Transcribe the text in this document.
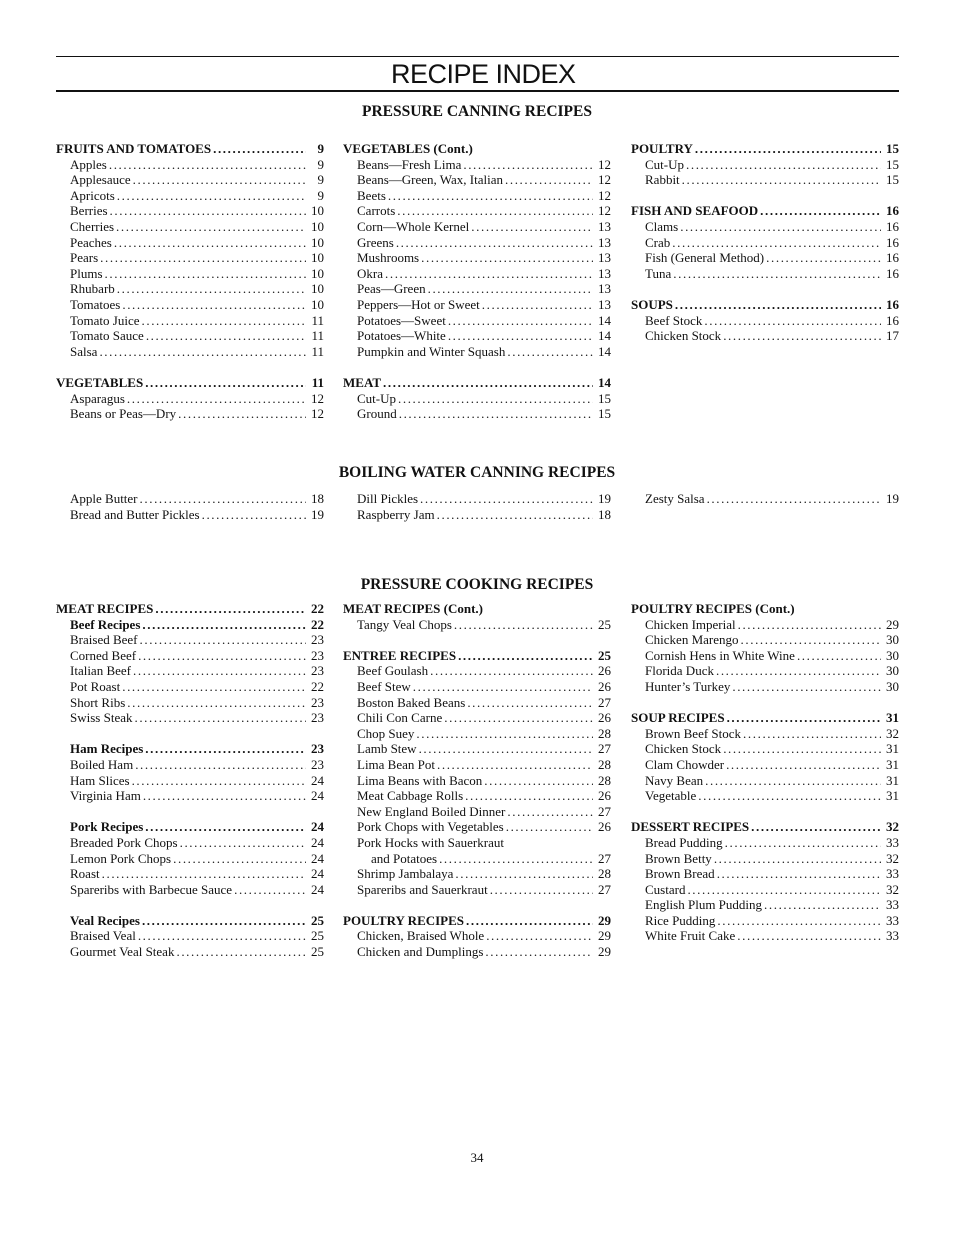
RECIPE INDEX
PRESSURE CANNING RECIPES
FRUITS AND TOMATOES .....	9
Apples .....	9
Applesauce .....	9
Apricots .....	9
Berries .....	10
Cherries .....	10
Peaches .....	10
Pears .....	10
Plums .....	10
Rhubarb .....	10
Tomatoes .....	10
Tomato Juice .....	11
Tomato Sauce .....	11
Salsa .....	11
VEGETABLES .....	11
Asparagus .....	12
Beans or Peas—Dry .....	12
VEGETABLES (Cont.)
Beans—Fresh Lima .....	12
Beans—Green, Wax, Italian .....	12
Beets .....	12
Carrots .....	12
Corn—Whole Kernel .....	13
Greens .....	13
Mushrooms .....	13
Okra .....	13
Peas—Green .....	13
Peppers—Hot or Sweet .....	13
Potatoes—Sweet .....	14
Potatoes—White .....	14
Pumpkin and Winter Squash .....	14
MEAT .....	14
Cut-Up .....	15
Ground .....	15
POULTRY .....	15
Cut-Up .....	15
Rabbit .....	15
FISH AND SEAFOOD .....	16
Clams .....	16
Crab .....	16
Fish (General Method) .....	16
Tuna .....	16
SOUPS .....	16
Beef Stock .....	16
Chicken Stock .....	17
BOILING WATER CANNING RECIPES
Apple Butter .....	18
Bread and Butter Pickles .....	19
Dill Pickles .....	19
Raspberry Jam .....	18
Zesty Salsa .....	19
PRESSURE COOKING RECIPES
MEAT RECIPES .....	22
Beef Recipes .....	22
Braised Beef .....	23
Corned Beef .....	23
Italian Beef .....	23
Pot Roast .....	22
Short Ribs .....	23
Swiss Steak .....	23
Ham Recipes .....	23
Boiled Ham .....	23
Ham Slices .....	24
Virginia Ham .....	24
Pork Recipes .....	24
Breaded Pork Chops .....	24
Lemon Pork Chops .....	24
Roast .....	24
Spareribs with Barbecue Sauce .....	24
Veal Recipes .....	25
Braised Veal .....	25
Gourmet Veal Steak .....	25
MEAT RECIPES (Cont.)
Tangy Veal Chops .....	25
ENTREE RECIPES .....	25
Beef Goulash .....	26
Beef Stew .....	26
Boston Baked Beans .....	27
Chili Con Carne .....	26
Chop Suey .....	28
Lamb Stew .....	27
Lima Bean Pot .....	28
Lima Beans with Bacon .....	28
Meat Cabbage Rolls .....	26
New England Boiled Dinner .....	27
Pork Chops with Vegetables .....	26
Pork Hocks with Sauerkraut
and Potatoes .....	27
Shrimp Jambalaya .....	28
Spareribs and Sauerkraut .....	27
POULTRY RECIPES .....	29
Chicken, Braised Whole .....	29
Chicken and Dumplings .....	29
POULTRY RECIPES (Cont.)
Chicken Imperial .....	29
Chicken Marengo .....	30
Cornish Hens in White Wine .....	30
Florida Duck .....	30
Hunter’s Turkey .....	30
SOUP RECIPES .....	31
Brown Beef Stock .....	32
Chicken Stock .....	31
Clam Chowder .....	31
Navy Bean .....	31
Vegetable .....	31
DESSERT RECIPES .....	32
Bread Pudding .....	33
Brown Betty .....	32
Brown Bread .....	33
Custard .....	32
English Plum Pudding .....	33
Rice Pudding .....	33
White Fruit Cake .....	33
34
